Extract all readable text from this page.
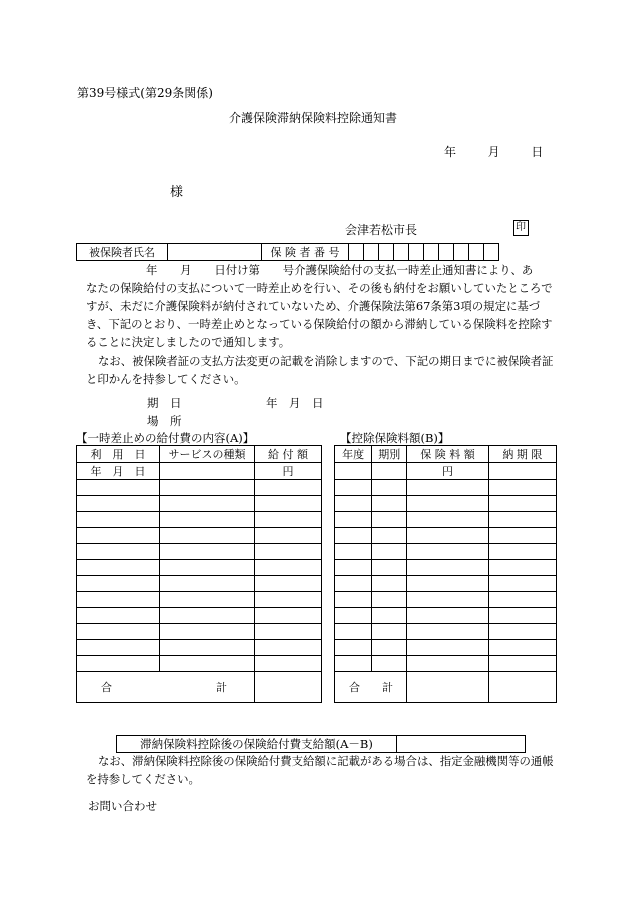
第39号様式(第29条関係)
介護保険滞納保険料控除通知書
年	月	日
様
会津若松市長	印
被保険者氏名		保 険 者 番 号										
年　　月　　日付け第　　号介護保険給付の支払一時差止通知書により、あ
なたの保険給付の支払について一時差止めを行い、その後も納付をお願いしていたところですが、未だに介護保険料が納付されていないため、介護保険法第67条第3項の規定に基づき、下記のとおり、一時差止めとなっている保険給付の額から滞納している保険料を控除することに決定しましたので通知します。
なお、被保険者証の支払方法変更の記載を消除しますので、下記の期日までに被保険者証と印かんを持参してください。
期　日	年　月　日
場　所
【一時差止めの給付費の内容(A)】	【控除保険料額(B)】
利　用　日	サービスの種類	給 付 額
年　月　日		円

合 計		
年度	期別	保 険 料 額	納 期 限
		円	

合 計			
滞納保険料控除後の保険給付費支給額(A－B)	
なお、滞納保険料控除後の保険給付費支給額に記載がある場合は、指定金融機関等の通帳を持参してください。
お問い合わせ
